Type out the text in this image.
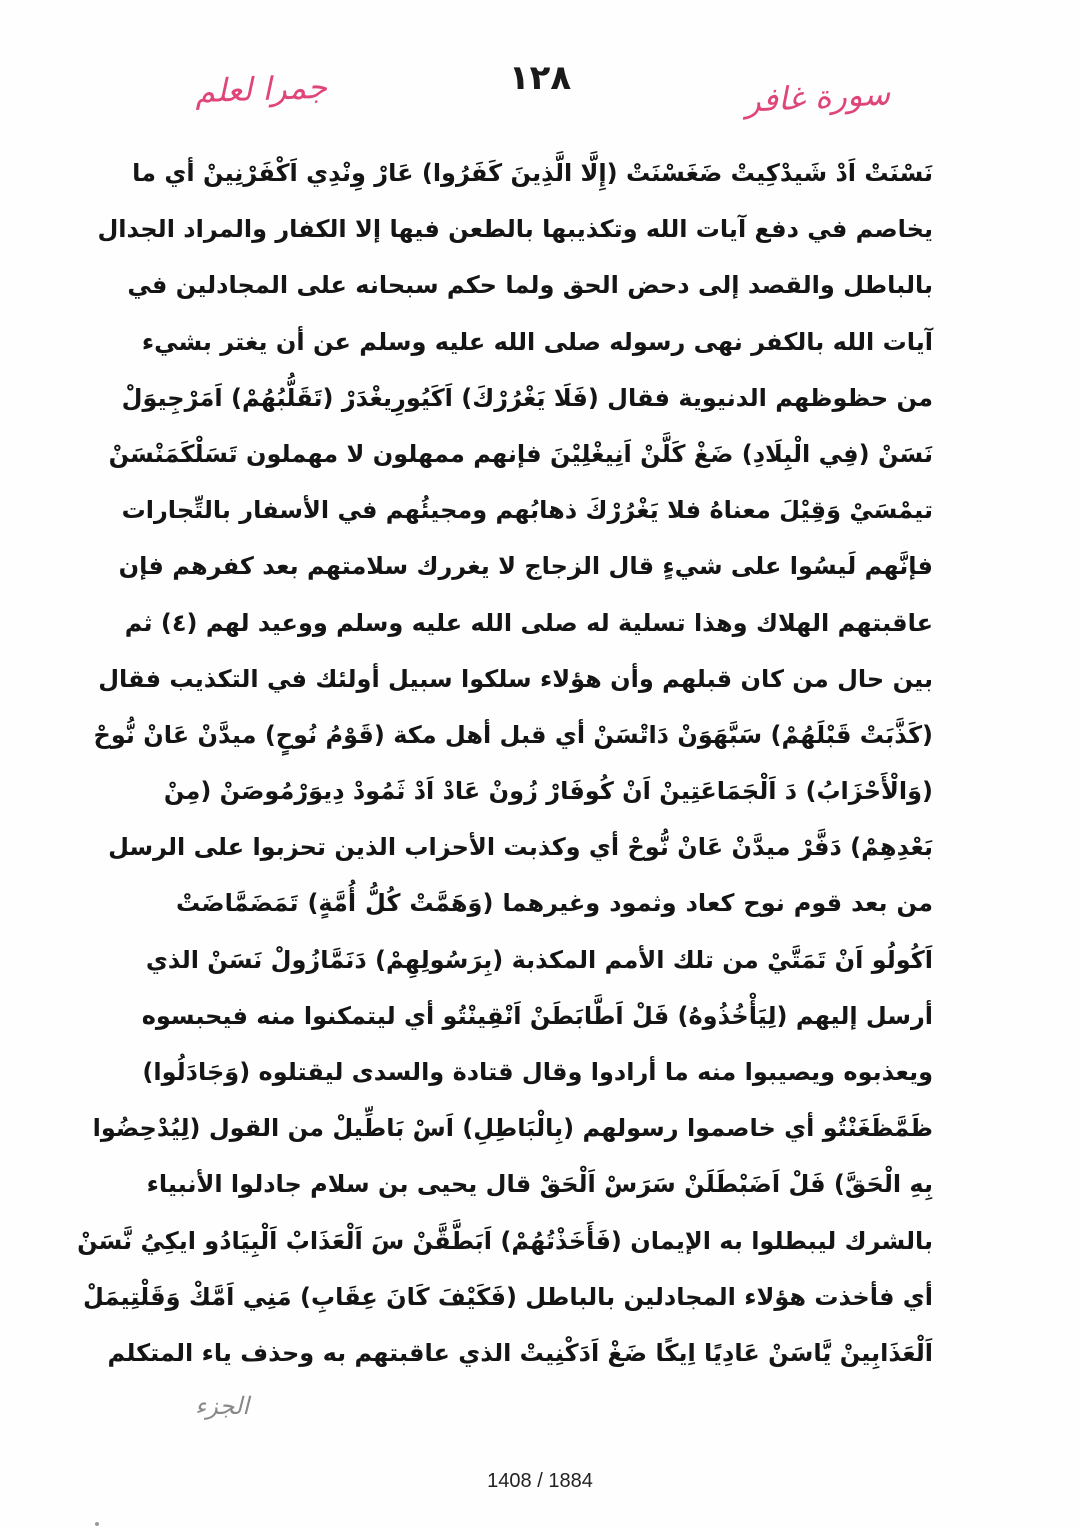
١٢٨
جمرا لعلم	سورة غافر
نَسْنَتْ اَدْ شَيدْكِيتْ ضَغَسْنَتْ (إِلَّا الَّذِينَ كَفَرُوا) عَارْ وِنْدِي اَكْفَرْنِينْ أي ما
يخاصم في دفع آيات الله وتكذيبها بالطعن فيها إلا الكفار والمراد الجدال
بالباطل والقصد إلى دحض الحق ولما حكم سبحانه على المجادلين في
آيات الله بالكفر نهى رسوله صلى الله عليه وسلم عن أن يغتر بشيء
من حظوظهم الدنيوية فقال (فَلَا يَغْرُرْكَ) اَكَيُورِيغْدَرْ (تَقَلُّبُهُمْ) اَمَرْجِيوَلْ
نَسَنْ (فِي الْبِلَادِ) ضَغْ كَلَّنْ اَنِيغْلِيْنَ فإنهم ممهلون لا مهملون تَسَلْكَمَنْسَنْ
تيمْسَيْ وَقِيْلَ معناهُ فلا يَغْرُرْكَ ذهابُهم ومجيئُهم في الأسفار بالتِّجارات
فإنَّهم لَيسُوا على شيءٍ قال الزجاج لا يغررك سلامتهم بعد كفرهم فإن
عاقبتهم الهلاك وهذا تسلية له صلى الله عليه وسلم ووعيد لهم (٤) ثم
بين حال من كان قبلهم وأن هؤلاء سلكوا سبيل أولئك في التكذيب فقال
(كَذَّبَتْ قَبْلَهُمْ) سَبَّهَوَنْ دَاتْسَنْ أي قبل أهل مكة (قَوْمُ نُوحٍ) ميدَّنْ عَانْ نُّوحْ
(وَالْأَحْزَابُ) دَ اَلْجَمَاعَتِينْ اَنْ كُوفَارْ زُونْ عَادْ اَدْ ثَمُودْ دِيوَرْمُوصَنْ (مِنْ
بَعْدِهِمْ) دَفَّرْ ميدَّنْ عَانْ نُّوحْ أي وكذبت الأحزاب الذين تحزبوا على الرسل
من بعد قوم نوح كعاد وثمود وغيرهما (وَهَمَّتْ كُلُّ أُمَّةٍ) تَمَضَمَّاضَتْ
اَكُولُو اَنْ تَمَتَّيْ من تلك الأمم المكذبة (بِرَسُولِهِمْ) دَنَمَّازُولْ نَسَنْ الذي
أرسل إليهم (لِيَأْخُذُوهُ) فَلْ اَطَّابَطَنْ اَنْقِينْتُو أي ليتمكنوا منه فيحبسوه
ويعذبوه ويصيبوا منه ما أرادوا وقال قتادة والسدى ليقتلوه (وَجَادَلُوا)
ظَمَّظَغَنْتُو أي خاصموا رسولهم (بِالْبَاطِلِ) اَسْ بَاطِّيلْ من القول (لِيُدْحِضُوا
بِهِ الْحَقَّ) فَلْ اَضَبْطَلَنْ سَرَسْ اَلْحَقْ قال يحيى بن سلام جادلوا الأنبياء
بالشرك ليبطلوا به الإيمان (فَأَخَذْتُهُمْ) اَبَطَّقَّنْ سَ اَلْعَذَابْ اَلْبِيَادُو ايكِيُ نَّسَنْ
أي فأخذت هؤلاء المجادلين بالباطل (فَكَيْفَ كَانَ عِقَابِ) مَنِي اَمَّكْ وَقَلْتِيمَلْ
اَلْعَذَابِينْ يَّاسَنْ عَادِيًا اِيكًا ضَغْ اَدَكْنِيتْ الذي عاقبتهم به وحذف ياء المتكلم
الجزء
1408 / 1884
